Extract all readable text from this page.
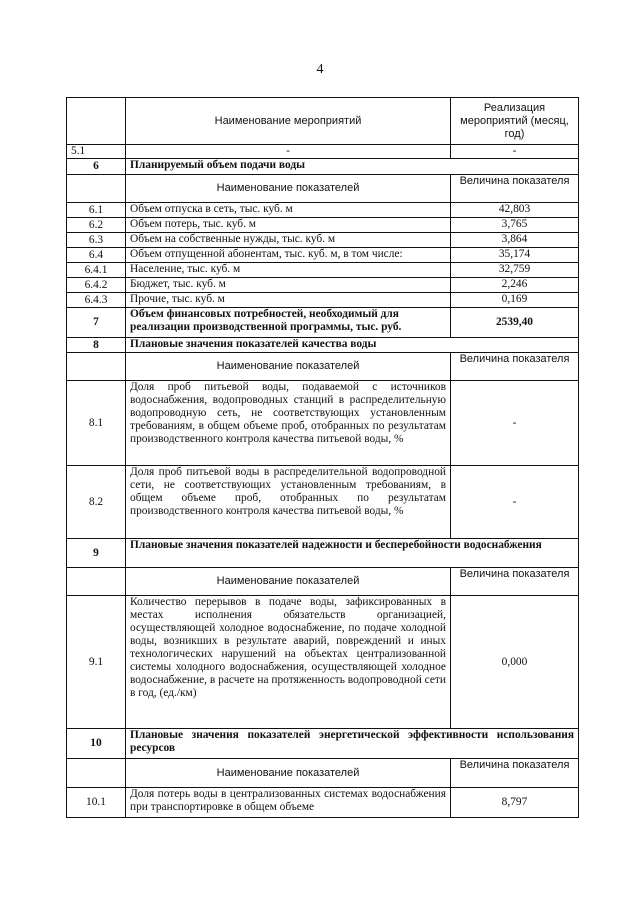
4
	Наименование мероприятий	Реализация мероприятий (месяц, год)
5.1	-	-
6	Планируемый объем подачи воды	
	Наименование показателей	Величина показателя
6.1	Объем отпуска в сеть, тыс. куб. м	42,803
6.2	Объем потерь, тыс. куб. м	3,765
6.3	Объем на собственные нужды, тыс. куб. м	3,864
6.4	Объем отпущенной абонентам, тыс. куб. м, в том числе:	35,174
6.4.1	Население, тыс. куб. м	32,759
6.4.2	Бюджет, тыс. куб. м	2,246
6.4.3	Прочие, тыс. куб. м	0,169
7	Объем финансовых потребностей, необходимый для реализации производственной программы, тыс. руб.	2539,40
8	Плановые значения показателей качества воды	
	Наименование показателей	Величина показателя
8.1	Доля проб питьевой воды, подаваемой с источников водоснабжения, водопроводных станций в распределительную водопроводную сеть, не соответствующих установленным требованиям, в общем объеме проб, отобранных по результатам производственного контроля качества питьевой воды, %	-
8.2	Доля проб питьевой воды в распределительной водопроводной сети, не соответствующих установленным требованиям, в общем объеме проб, отобранных по результатам производственного контроля качества питьевой воды, %	-
9	Плановые значения показателей надежности и бесперебойности водоснабжения	
	Наименование показателей	Величина показателя
9.1	Количество перерывов в подаче воды, зафиксированных в местах исполнения обязательств организацией, осуществляющей холодное водоснабжение, по подаче холодной воды, возникших в результате аварий, повреждений и иных технологических нарушений на объектах централизованной системы холодного водоснабжения, осуществляющей холодное водоснабжение, в расчете на протяженность водопроводной сети в год, (ед./км)	0,000
10	Плановые значения показателей энергетической эффективности использования ресурсов	
	Наименование показателей	Величина показателя
10.1	Доля потерь воды в централизованных системах водоснабжения при транспортировке в общем объеме	8,797
